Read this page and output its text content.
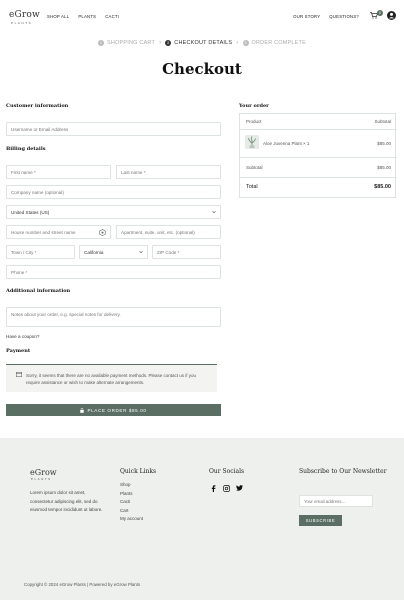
eGrow
PLANTS
SHOP ALL PLANTS CACTI	OUR STORY QUESTIONS?
0
1 SHOPPING CART ›	2 CHECKOUT DETAILS ›	3 ORDER COMPLETE
Checkout
Customer information
Username or Email Address
Billing details
First name *	Last name *
Company name (optional)
United States (US)
House number and street name	Apartment, suite, unit, etc. (optional)
Town / City *	California	ZIP Code *
Phone *
Additional information
Notes about your order, e.g. special notes for delivery.
Have a coupon?
Payment
Sorry, it seems that there are no available payment methods. Please contact us if you require assistance or wish to make alternate arrangements.
PLACE ORDER $85.00
Your order
Product	Subtotal
Aloe Juvenna Plant × 1	$85.00
Subtotal	$85.00
Total	$85.00
eGrow
PLANTS
Lorem ipsum dolor sit amet, consectetur adipiscing elit, sed do eiusmod tempor incididunt ut labore.
Quick Links
Shop
Plants
Cacti
Cart
My account
Our Socials	Subscribe to Our Newsletter
Your email address...
SUBSCRIBE
Copyright © 2024 eGrow Plants | Powered by eGrow Plants
